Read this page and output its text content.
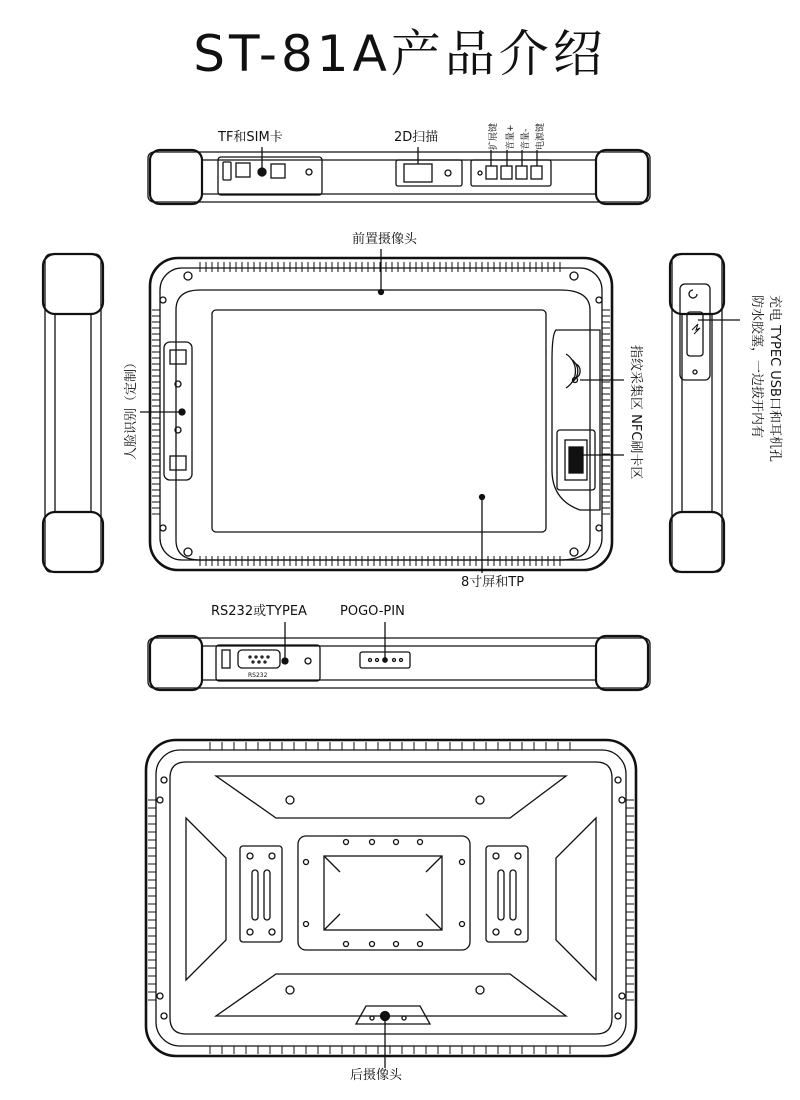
ST-81A产品介绍
TF和SIM卡	2D扫描	扩展键 音量+ 音量- 电源键
前置摄像头
8寸屏和TP
人脸识别（定制）	指纹采集区 NFC刷卡区	防水胶塞，一边拔开内有 充电 TYPEC USB口和耳机孔
RS232或TYPEA	POGO-PIN
后摄像头
RS232
